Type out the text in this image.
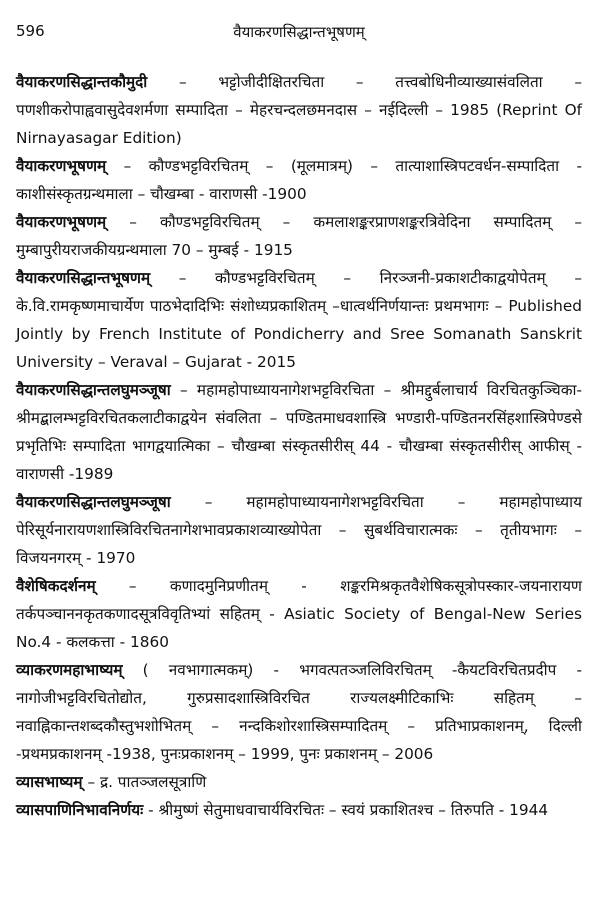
596	वैयाकरणसिद्धान्तभूषणम्

वैयाकरणसिद्धान्तकौमुदी – भट्टोजीदीक्षितरचिता – तत्त्वबोधिनीव्याख्यासंवलिता – पणशीकरोपाह्ववासुदेवशर्मणा सम्पादिता – मेहरचन्दलछमनदास – नईदिल्ली – 1985 (Reprint Of Nirnayasagar Edition)

वैयाकरणभूषणम् – कौण्डभट्टविरचितम् – (मूलमात्रम्) – तात्याशास्त्रिपटवर्धन-सम्पादिता - काशीसंस्कृतग्रन्थमाला – चौखम्बा - वाराणसी -1900

वैयाकरणभूषणम् – कौण्डभट्टविरचितम् – कमलाशङ्करप्राणशङ्करत्रिवेदिना सम्पादितम् – मुम्बापुरीयराजकीयग्रन्थमाला 70 – मुम्बई - 1915

वैयाकरणसिद्धान्तभूषणम् – कौण्डभट्टविरचितम् – निरञ्जनी-प्रकाशटीकाद्वयोपेतम् – के.वि.रामकृष्णमाचार्येण पाठभेदादिभिः संशोध्यप्रकाशितम् –धात्वर्थनिर्णयान्तः प्रथमभागः – Published Jointly by French Institute of Pondicherry and Sree Somanath Sanskrit University – Veraval – Gujarat - 2015

वैयाकरणसिद्धान्तलघुमञ्जूषा – महामहोपाध्यायनागेशभट्टविरचिता – श्रीमद्दुर्बलाचार्य विरचितकुञ्चिका-श्रीमद्बालम्भट्टविरचितकलाटीकाद्वयेन संवलिता – पण्डितमाधवशास्त्रि भण्डारी-पण्डितनरसिंहशास्त्रिपेण्डसे प्रभृतिभिः सम्पादिता भागद्वयात्मिका – चौखम्बा संस्कृतसीरीस् 44 - चौखम्बा संस्कृतसीरीस् आफीस् - वाराणसी -1989

वैयाकरणसिद्धान्तलघुमञ्जूषा – महामहोपाध्यायनागेशभट्टविरचिता – महामहोपाध्याय पेरिसूर्यनारायणशास्त्रिविरचितनागेशभावप्रकाशव्याख्योपेता – सुबर्थविचारात्मकः – तृतीयभागः – विजयनगरम् - 1970

वैशेषिकदर्शनम् – कणादमुनिप्रणीतम् - शङ्करमिश्रकृतवैशेषिकसूत्रोपस्कार-जयनारायण तर्कपञ्चाननकृतकणादसूत्रविवृतिभ्यां सहितम् - Asiatic Society of Bengal-New Series No.4 - कलकत्ता - 1860

व्याकरणमहाभाष्यम् ( नवभागात्मकम्) - भगवत्पतञ्जलिविरचितम् -कैयटविरचितप्रदीप - नागोजीभट्टविरचितोद्योत, गुरुप्रसादशास्त्रिविरचित राज्यलक्ष्मीटिकाभिः सहितम् – नवाह्निकान्तशब्दकौस्तुभशोभितम् – नन्दकिशोरशास्त्रिसम्पादितम् – प्रतिभाप्रकाशनम्, दिल्ली -प्रथमप्रकाशनम् -1938, पुनःप्रकाशनम् – 1999, पुनः प्रकाशनम् – 2006

व्यासभाष्यम् – द्र. पातञ्जलसूत्राणि

व्यासपाणिनिभावनिर्णयः - श्रीमुष्णं सेतुमाधवाचार्यविरचितः – स्वयं प्रकाशितश्च – तिरुपति - 1944
